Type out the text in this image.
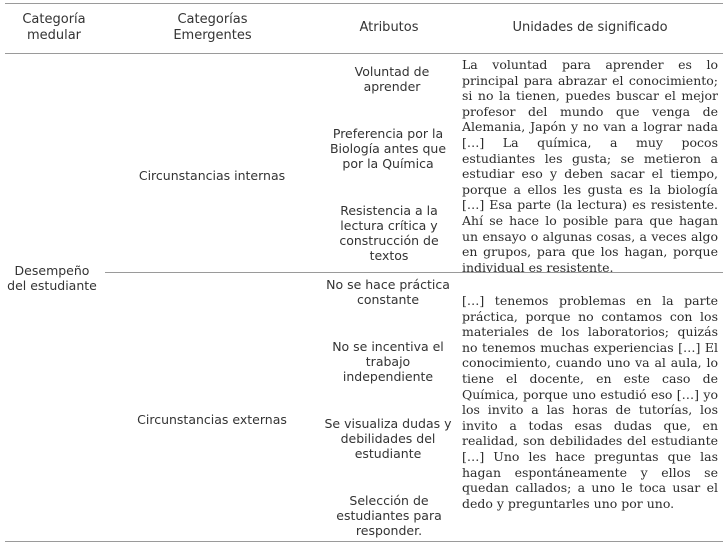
Categoría medular
Categorías Emergentes
Atributos	Unidades de significado
Desempeño del estudiante
Circunstancias internas
Circunstancias externas
Voluntad de aprender
Preferencia por la Biología antes que por la Química
Resistencia a la lectura crítica y construcción de textos
No se hace práctica constante
No se incentiva el trabajo independiente
Se visualiza dudas y debilidades del estudiante
Selección de estudiantes para responder.
La voluntad para aprender es lo principal para abrazar el conocimiento; si no la tienen, puedes buscar el mejor profesor del mundo que venga de Alemania, Japón y no van a lograr nada […] La química, a muy pocos estudiantes les gusta; se metieron a estudiar eso y deben sacar el tiempo, porque a ellos les gusta es la biología […] Esa parte (la lectura) es resistente. Ahí se hace lo posible para que hagan un ensayo o algunas cosas, a veces algo en grupos, para que los hagan, porque individual es resistente.
[…] tenemos problemas en la parte práctica, porque no contamos con los materiales de los laboratorios; quizás no tenemos muchas experiencias […] El conocimiento, cuando uno va al aula, lo tiene el docente, en este caso de Química, porque uno estudió eso […] yo los invito a las horas de tutorías, los invito a todas esas dudas que, en realidad, son debilidades del estudiante […] Uno les hace preguntas que las hagan espontáneamente y ellos se quedan callados; a uno le toca usar el dedo y preguntarles uno por uno.
